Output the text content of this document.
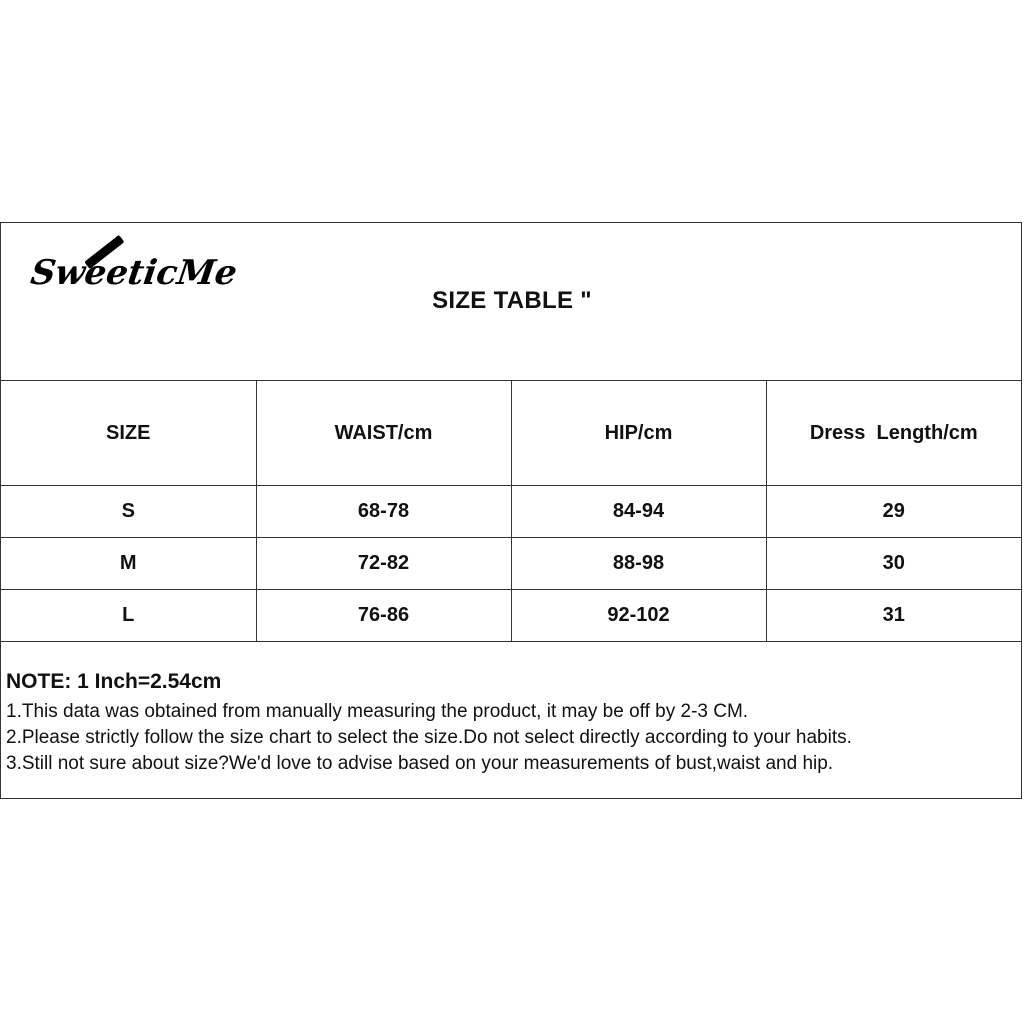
SweeticMe
SIZE TABLE "
SIZE	WAIST/cm	HIP/cm	Dress  Length/cm
S	68-78	84-94	29
M	72-82	88-98	30
L	76-86	92-102	31

NOTE: 1 Inch=2.54cm

1.This data was obtained from manually measuring the product, it may be off by 2-3 CM.

2.Please strictly follow the size chart to select the size.Do not select directly according to your habits.

3.Still not sure about size?We'd love to advise based on your measurements of bust,waist and hip.
